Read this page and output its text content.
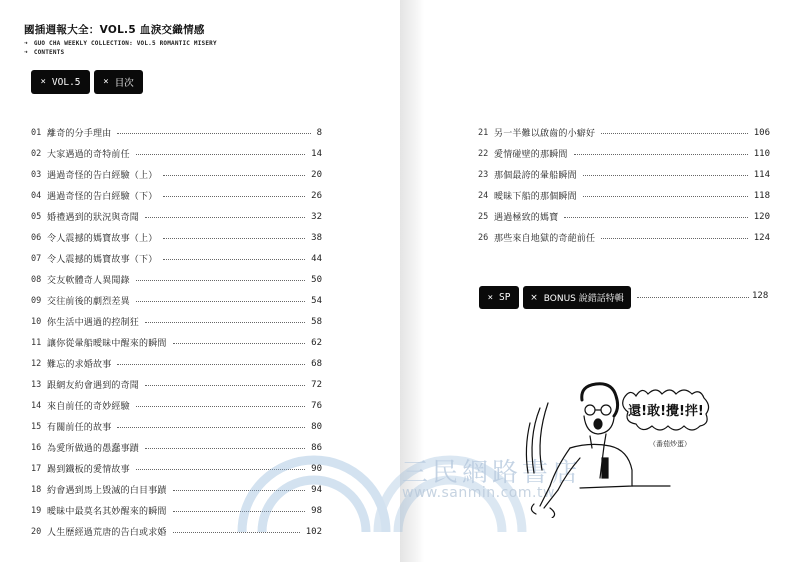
國插週報大全：VOL.5 血淚交織情感
➜ GUO CHA WEEKLY COLLECTION: VOL.5 ROMANTIC MISERY
➜ CONTENTS
× VOL.5	× 目次
01 離奇的分手理由	8
02 大家遇過的奇特前任	14
03 遇過奇怪的告白經驗（上）	20
04 遇過奇怪的告白經驗（下）	26
05 婚禮遇到的狀況與奇聞	32
06 令人震撼的媽寶故事（上）	38
07 令人震撼的媽寶故事（下）	44
08 交友軟體奇人異聞錄	50
09 交往前後的劇烈差異	54
10 你生活中遇過的控制狂	58
11 讓你從暈船曖昧中醒來的瞬間	62
12 難忘的求婚故事	68
13 跟網友約會遇到的奇聞	72
14 來自前任的奇妙經驗	76
15 有關前任的故事	80
16 為愛所做過的愚蠢事蹟	86
17 踢到鐵板的愛情故事	90
18 約會遇到馬上毀滅的白目事蹟	94
19 曖昧中最莫名其妙醒來的瞬間	98
20 人生歷經過荒唐的告白或求婚	102
21 另一半難以啟齒的小癖好	106
22 愛情碰壁的那瞬間	110
23 那個最誇的暈船瞬間	114
24 曖昧下船的那個瞬間	118
25 遇過極致的媽寶	120
26 那些來自地獄的奇葩前任	124
× SP × BONUS 說錯話特輯	128
三民網路書店
www.sanmin.com.tw
還!敢!攪!拌!
（番茄炒蛋）
